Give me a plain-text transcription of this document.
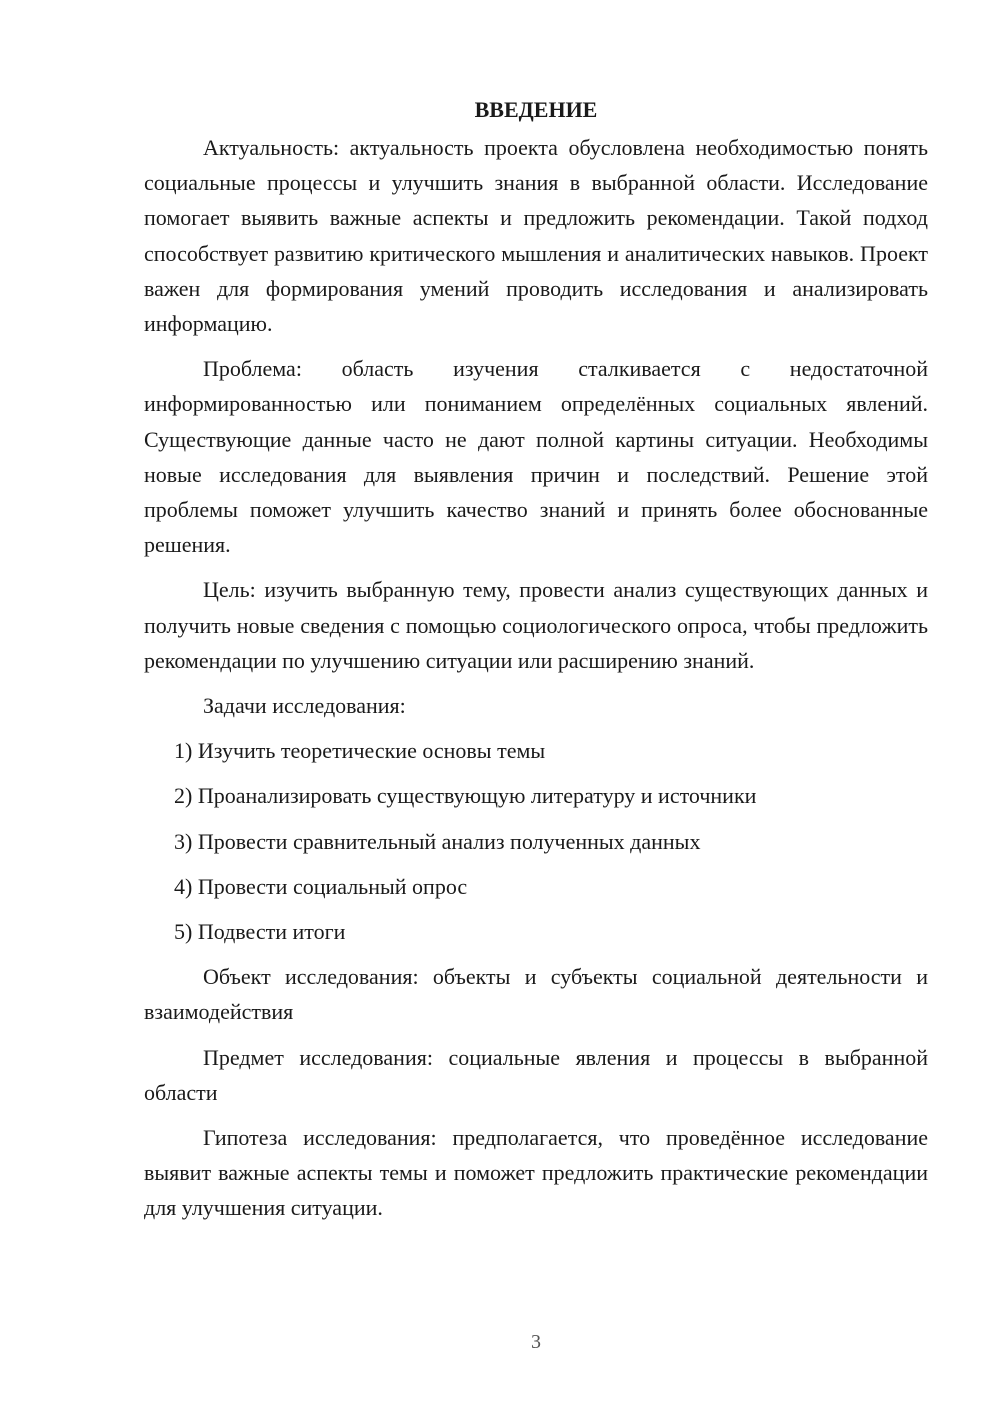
ВВЕДЕНИЕ

Актуальность: актуальность проекта обусловлена необходимостью понять социальные процессы и улучшить знания в выбранной области. Исследование помогает выявить важные аспекты и предложить рекомендации. Такой подход способствует развитию критического мышления и аналитических навыков. Проект важен для формирования умений проводить исследования и анализировать информацию.

Проблема: область изучения сталкивается с недостаточной информированностью или пониманием определённых социальных явлений. Существующие данные часто не дают полной картины ситуации. Необходимы новые исследования для выявления причин и последствий. Решение этой проблемы поможет улучшить качество знаний и принять более обоснованные решения.

Цель: изучить выбранную тему, провести анализ существующих данных и получить новые сведения с помощью социологического опроса, чтобы предложить рекомендации по улучшению ситуации или расширению знаний.

Задачи исследования:

1) Изучить теоретические основы темы
2) Проанализировать существующую литературу и источники
3) Провести сравнительный анализ полученных данных
4) Провести социальный опрос
5) Подвести итоги

Объект исследования: объекты и субъекты социальной деятельности и взаимодействия

Предмет исследования: социальные явления и процессы в выбранной области

Гипотеза исследования: предполагается, что проведённое исследование выявит важные аспекты темы и поможет предложить практические рекомендации для улучшения ситуации.

3
